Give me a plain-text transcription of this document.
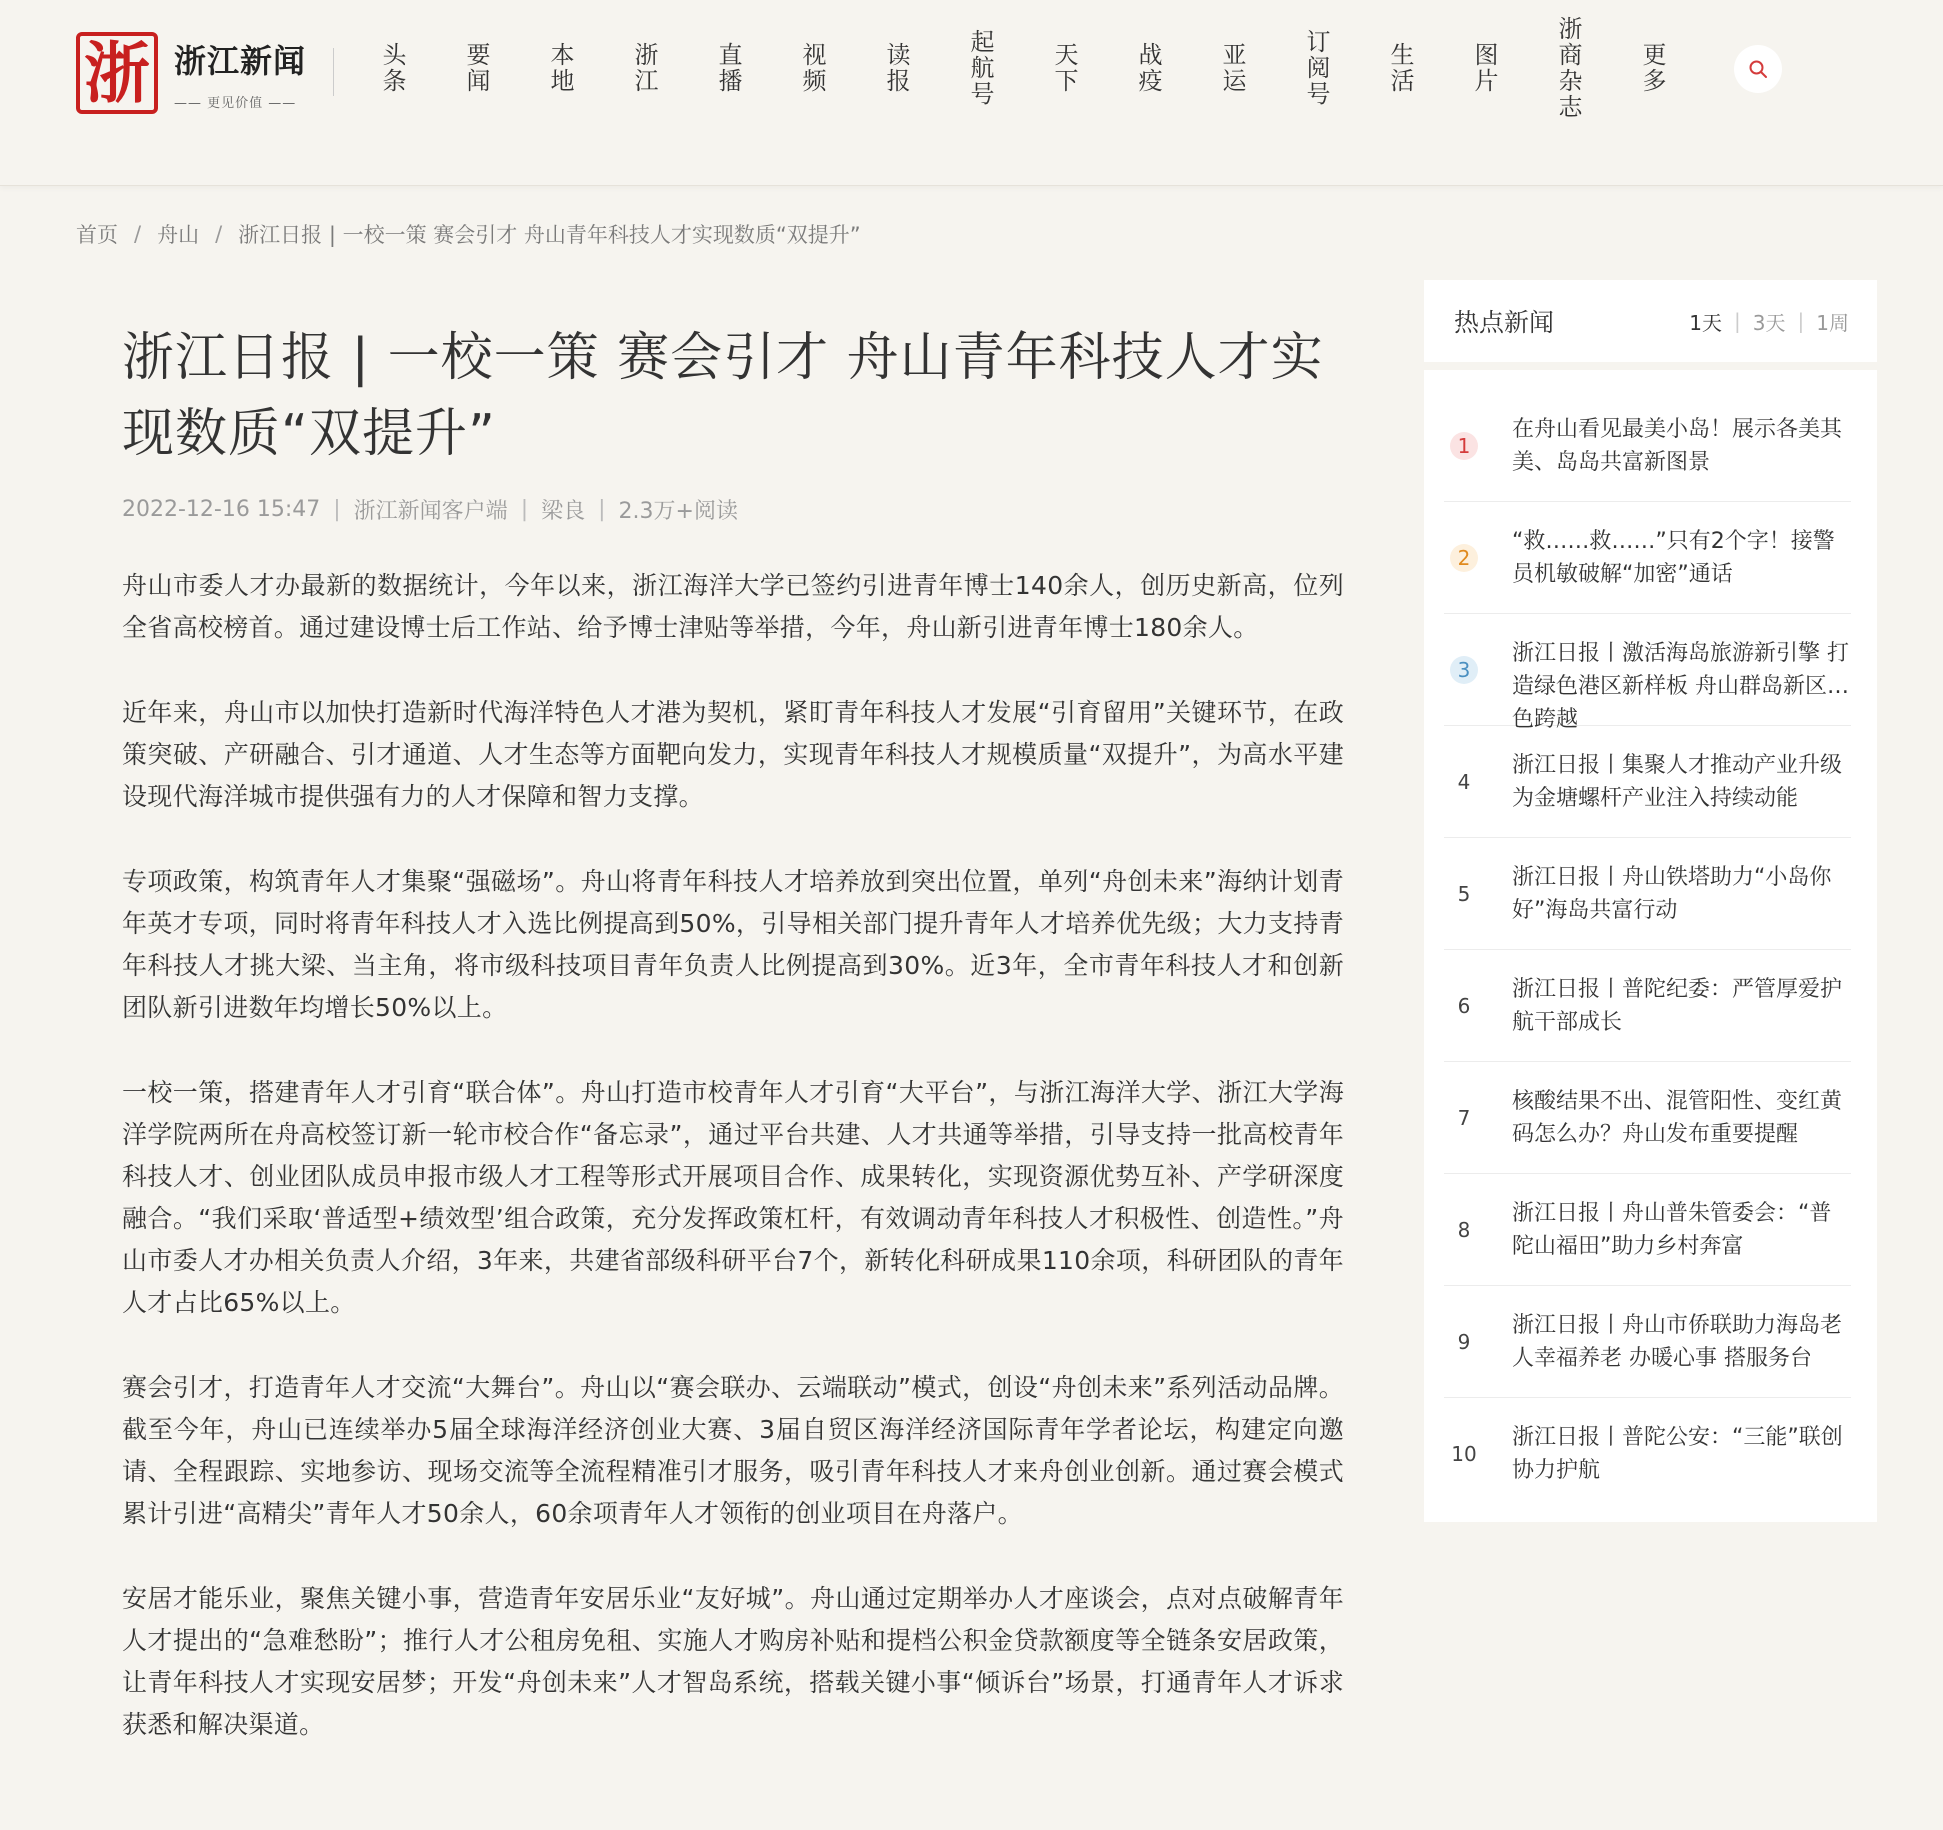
浙 浙江新闻
—— 更见价值 ——
头条	要闻	本地	浙江	直播	视频	读报	起航号	天下	战疫	亚运	订阅号	生活	图片	浙商杂志	更多
首页 / 舟山 / 浙江日报 | 一校一策 赛会引才 舟山青年科技人才实现数质“双提升”
浙江日报 | 一校一策 赛会引才 舟山青年科技人才实现数质“双提升”
2022-12-16 15:47 | 浙江新闻客户端 | 梁良 | 2.3万+阅读

舟山市委人才办最新的数据统计，今年以来，浙江海洋大学已签约引进青年博士140余人，创历史新高，位列全省高校榜首。通过建设博士后工作站、给予博士津贴等举措，今年，舟山新引进青年博士180余人。

近年来，舟山市以加快打造新时代海洋特色人才港为契机，紧盯青年科技人才发展“引育留用”关键环节，在政策突破、产研融合、引才通道、人才生态等方面靶向发力，实现青年科技人才规模质量“双提升”，为高水平建设现代海洋城市提供强有力的人才保障和智力支撑。

专项政策，构筑青年人才集聚“强磁场”。舟山将青年科技人才培养放到突出位置，单列“舟创未来”海纳计划青年英才专项，同时将青年科技人才入选比例提高到50%，引导相关部门提升青年人才培养优先级；大力支持青年科技人才挑大梁、当主角，将市级科技项目青年负责人比例提高到30%。近3年，全市青年科技人才和创新团队新引进数年均增长50%以上。

一校一策，搭建青年人才引育“联合体”。舟山打造市校青年人才引育“大平台”，与浙江海洋大学、浙江大学海洋学院两所在舟高校签订新一轮市校合作“备忘录”，通过平台共建、人才共通等举措，引导支持一批高校青年科技人才、创业团队成员申报市级人才工程等形式开展项目合作、成果转化，实现资源优势互补、产学研深度融合。“我们采取‘普适型+绩效型’组合政策，充分发挥政策杠杆，有效调动青年科技人才积极性、创造性。”舟山市委人才办相关负责人介绍，3年来，共建省部级科研平台7个，新转化科研成果110余项，科研团队的青年人才占比65%以上。

赛会引才，打造青年人才交流“大舞台”。舟山以“赛会联办、云端联动”模式，创设“舟创未来”系列活动品牌。截至今年，舟山已连续举办5届全球海洋经济创业大赛、3届自贸区海洋经济国际青年学者论坛，构建定向邀请、全程跟踪、实地参访、现场交流等全流程精准引才服务，吸引青年科技人才来舟创业创新。通过赛会模式累计引进“高精尖”青年人才50余人，60余项青年人才领衔的创业项目在舟落户。

安居才能乐业，聚焦关键小事，营造青年安居乐业“友好城”。舟山通过定期举办人才座谈会，点对点破解青年人才提出的“急难愁盼”；推行人才公租房免租、实施人才购房补贴和提档公积金贷款额度等全链条安居政策，让青年科技人才实现安居梦；开发“舟创未来”人才智岛系统，搭载关键小事“倾诉台”场景，打通青年人才诉求获悉和解决渠道。

热点新闻	1天 | 3天 | 1周
1
在舟山看见最美小岛！展示各美其美、岛岛共富新图景
2
“救……救……”只有2个字！接警员机敏破解“加密”通话
3
浙江日报丨激活海岛旅游新引擎 打造绿色港区新样板 舟山群岛新区蓝色跨越
4
浙江日报丨集聚人才推动产业升级 为金塘螺杆产业注入持续动能
5
浙江日报丨舟山铁塔助力“小岛你好”海岛共富行动
6
浙江日报丨普陀纪委：严管厚爱护航干部成长
7
核酸结果不出、混管阳性、变红黄码怎么办？舟山发布重要提醒
8
浙江日报丨舟山普朱管委会：“普陀山福田”助力乡村奔富
9
浙江日报丨舟山市侨联助力海岛老人幸福养老 办暖心事 搭服务台
10
浙江日报丨普陀公安：“三能”联创 协力护航
